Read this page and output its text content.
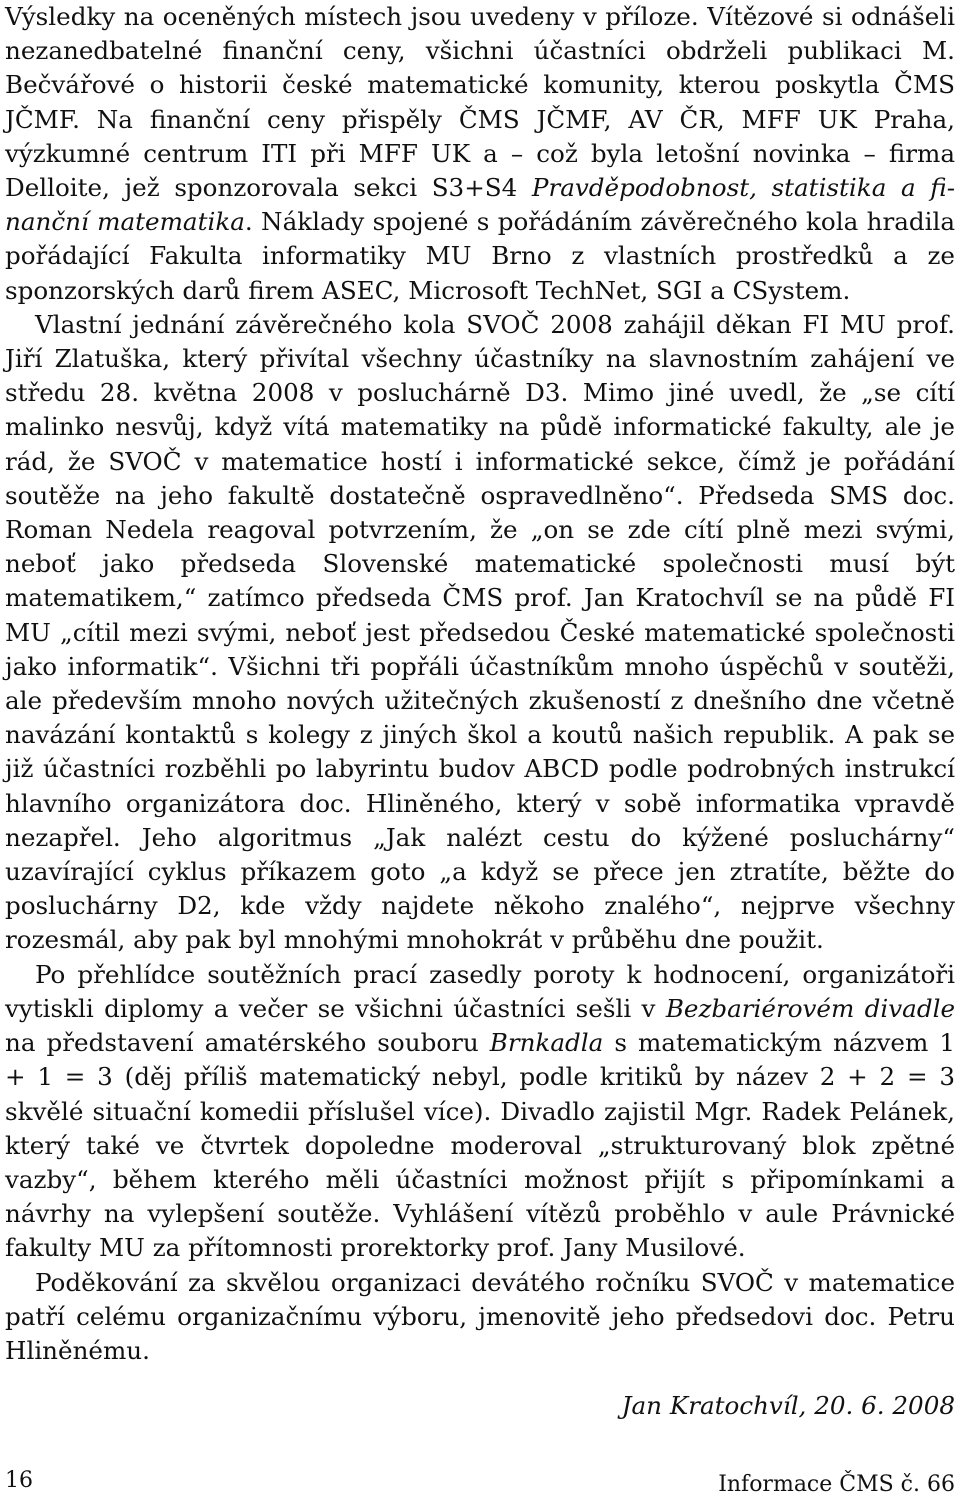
Výsledky na oceněných místech jsou uvedeny v příloze. Vítězové si odnášeli nezanedbatelné finanční ceny, všichni účastníci obdrželi publikaci M. Bečvářové o historii české matematické komunity, kterou poskytla ČMS JČMF. Na finanční ceny přispěly ČMS JČMF, AV ČR, MFF UK Praha, výzkumné centrum ITI při MFF UK a – což byla letošní novinka – firma Delloite, jež sponzorovala sekci S3+S4 Pravděpodobnost, statistika a finanční matematika. Náklady spojené s pořádáním závěrečného kola hradila pořádající Fakulta informatiky MU Brno z vlastních prostředků a ze sponzorských darů firem ASEC, Microsoft TechNet, SGI a CSystem.

Vlastní jednání závěrečného kola SVOČ 2008 zahájil děkan FI MU prof. Jiří Zlatuška, který přivítal všechny účastníky na slavnostním zahájení ve středu 28. května 2008 v posluchárně D3. Mimo jiné uvedl, že „se cítí malinko nesvůj, když vítá matematiky na půdě informatické fakulty, ale je rád, že SVOČ v matematice hostí i informatické sekce, čímž je pořádání soutěže na jeho fakultě dostatečně ospravedlněno“. Předseda SMS doc. Roman Nedela reagoval potvrzením, že „on se zde cítí plně mezi svými, neboť jako předseda Slovenské matematické společnosti musí být matematikem,“ zatímco předseda ČMS prof. Jan Kratochvíl se na půdě FI MU „cítil mezi svými, neboť jest předsedou České matematické společnosti jako informatik“. Všichni tři popřáli účastníkům mnoho úspěchů v soutěži, ale především mnoho nových užitečných zkušeností z dnešního dne včetně navázání kontaktů s kolegy z jiných škol a koutů našich republik. A pak se již účastníci rozběhli po labyrintu budov ABCD podle podrobných instrukcí hlavního organizátora doc. Hliněného, který v sobě informatika vpravdě nezapřel. Jeho algoritmus „Jak nalézt cestu do kýžené posluchárny“ uzavírající cyklus příkazem goto „a když se přece jen ztratíte, běžte do posluchárny D2, kde vždy najdete někoho znalého“, nejprve všechny rozesmál, aby pak byl mnohými mnohokrát v průběhu dne použit.

Po přehlídce soutěžních prací zasedly poroty k hodnocení, organizátoři vytiskli diplomy a večer se všichni účastníci sešli v Bezbariérovém divadle na představení amatérského souboru Brnkadla s matematickým názvem 1 + 1 = 3 (děj příliš matematický nebyl, podle kritiků by název 2 + 2 = 3 skvělé situační komedii příslušel více). Divadlo zajistil Mgr. Radek Pelánek, který také ve čtvrtek dopoledne moderoval „strukturovaný blok zpětné vazby“, během kterého měli účastníci možnost přijít s připomínkami a návrhy na vylepšení soutěže. Vyhlášení vítězů proběhlo v aule Právnické fakulty MU za přítomnosti prorektorky prof. Jany Musilové.

Poděkování za skvělou organizaci devátého ročníku SVOČ v matematice patří celému organizačnímu výboru, jmenovitě jeho předsedovi doc. Petru Hliněnému.

Jan Kratochvíl, 20. 6. 2008
16	Informace ČMS č. 66
